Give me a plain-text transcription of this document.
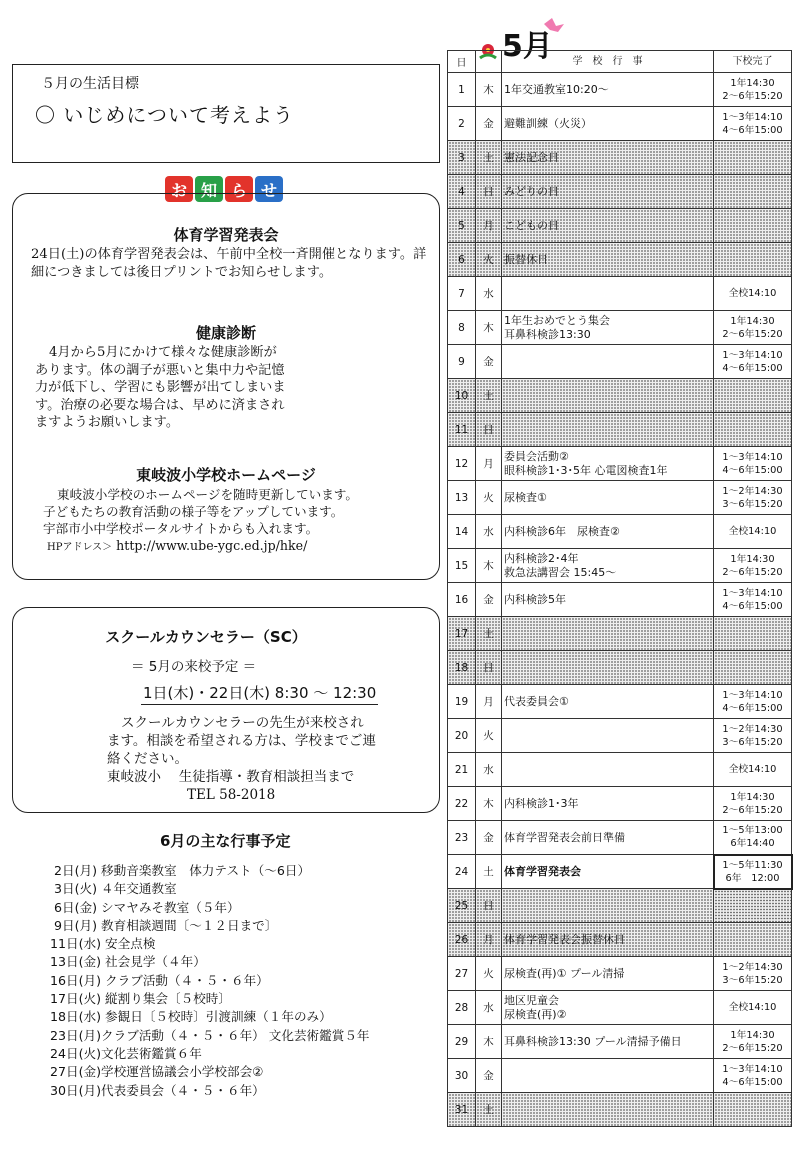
５月の生活目標
〇 いじめについて考えよう
お 知 ら せ
体育学習発表会
24日(土)の体育学習発表会は、午前中全校一斉開催となります。詳細につきましては後日プリントでお知らせします。
健康診断
4月から5月にかけて様々な健康診断が
あります。体の調子が悪いと集中力や記憶
力が低下し、学習にも影響が出てしまいま
す。治療の必要な場合は、早めに済まされ
ますようお願いします。
東岐波小学校ホームページ
東岐波小学校のホームページを随時更新しています。
子どもたちの教育活動の様子等をアップしています。
宇部市小中学校ポータルサイトからも入れます。
HPアドレス＞ http://www.ube-ygc.ed.jp/hke/
スクールカウンセラー（SC）
＝ 5月の来校予定 ＝
1日(木)・22日(木) 8:30 ～ 12:30
スクールカウンセラーの先生が来校され
ます。相談を希望される方は、学校までご連
絡ください。
東岐波小　 生徒指導・教育相談担当まで
TEL 58-2018
6月の主な行事予定
2日(月) 移動音楽教室　体力テスト（～6日）
3日(火) ４年交通教室
6日(金) シマヤみそ教室（５年）
9日(月) 教育相談週間〔～１２日まで〕
11日(水) 安全点検
13日(金) 社会見学（４年）
16日(月) クラブ活動（４・５・６年）
17日(火) 縦割り集会〔５校時〕
18日(水) 参観日〔５校時〕引渡訓練（１年のみ）
23日(月)クラブ活動（４・５・６年） 文化芸術鑑賞５年
24日(火)文化芸術鑑賞６年
27日(金)学校運営協議会小学校部会②
30日(月)代表委員会（４・５・６年）
5月
日		学　校　行　事	下校完了
1	木	1年交通教室10:20～	1年14:30
2～6年15:20
2	金	避難訓練（火災）	1～3年14:10
4～6年15:00
3	土	憲法記念日	
4	日	みどりの日	
5	月	こどもの日	
6	火	振替休日	
7	水		全校14:10
8	木	1年生おめでとう集会
耳鼻科検診13:30	1年14:30
2～6年15:20
9	金		1～3年14:10
4～6年15:00
10	土		
11	日		
12	月	委員会活動②
眼科検診1･3･5年 心電図検査1年	1～3年14:10
4～6年15:00
13	火	尿検査①	1～2年14:30
3～6年15:20
14	水	内科検診6年　尿検査②	全校14:10
15	木	内科検診2･4年
救急法講習会 15:45～	1年14:30
2～6年15:20
16	金	内科検診5年	1～3年14:10
4～6年15:00
17	土		
18	日		
19	月	代表委員会①	1～3年14:10
4～6年15:00
20	火		1～2年14:30
3～6年15:20
21	水		全校14:10
22	木	内科検診1･3年	1年14:30
2～6年15:20
23	金	体育学習発表会前日準備	1～5年13:00
6年14:40
24	土	体育学習発表会	1～5年11:30
6年　12:00
25	日		
26	月	体育学習発表会振替休日	
27	火	尿検査(再)① プール清掃	1～2年14:30
3～6年15:20
28	水	地区児童会
尿検査(再)②	全校14:10
29	木	耳鼻科検診13:30 プール清掃予備日	1年14:30
2～6年15:20
30	金		1～3年14:10
4～6年15:00
31	土		
